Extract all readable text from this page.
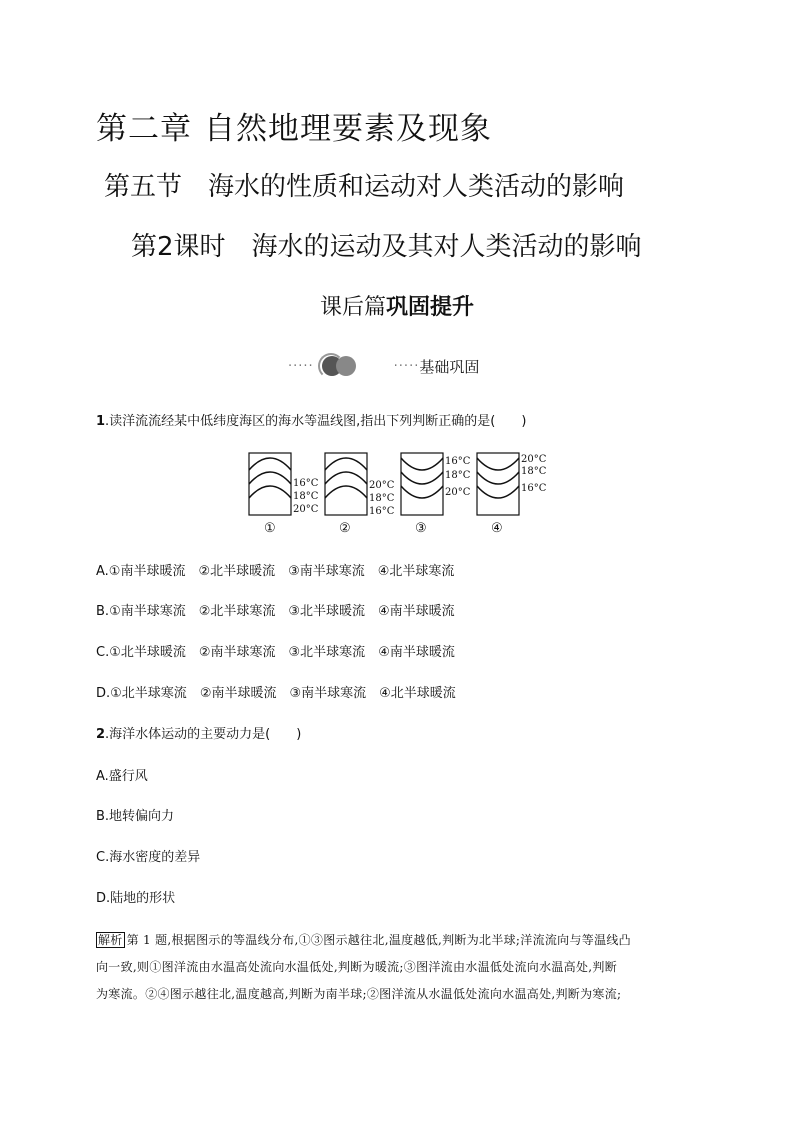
第二章 自然地理要素及现象
第五节 海水的性质和运动对人类活动的影响
第2课时 海水的运动及其对人类活动的影响
课后篇巩固提升
·····	····· 基础巩固
1.读洋流流经某中低纬度海区的海水等温线图,指出下列判断正确的是(　　)
16°C
18°C
20°C
①
20°C
18°C
16°C
②
16°C
18°C
20°C
③
20°C
18°C
16°C
④
A.①南半球暖流 ②北半球暖流 ③南半球寒流 ④北半球寒流
B.①南半球寒流 ②北半球寒流 ③北半球暖流 ④南半球暖流
C.①北半球暖流 ②南半球寒流 ③北半球寒流 ④南半球暖流
D.①北半球寒流 ②南半球暖流 ③南半球寒流 ④北半球暖流
2.海洋水体运动的主要动力是(　　)
A.盛行风
B.地转偏向力
C.海水密度的差异
D.陆地的形状
解析 第 1 题,根据图示的等温线分布,①③图示越往北,温度越低,判断为北半球;洋流流向与等温线凸
向一致,则①图洋流由水温高处流向水温低处,判断为暖流;③图洋流由水温低处流向水温高处,判断
为寒流。②④图示越往北,温度越高,判断为南半球;②图洋流从水温低处流向水温高处,判断为寒流;
